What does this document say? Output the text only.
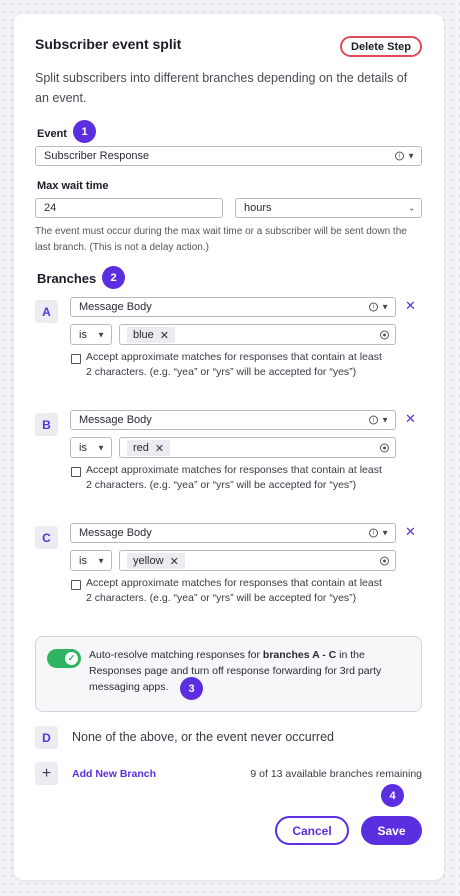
Subscriber event split	Delete Step
Split subscribers into different branches depending on the details of an event.
Event	1
Subscriber Response	i ▼
Max wait time
24	hours	⌄
The event must occur during the max wait time or a subscriber will be sent down the last branch. (This is not a delay action.)
Branches	2
A	Message Body	i ▼ ✕
is ▼	blue ✕
Accept approximate matches for responses that contain at least 2 characters. (e.g. “yea” or “yrs” will be accepted for “yes”)
B	Message Body	i ▼ ✕
is ▼	red ✕
Accept approximate matches for responses that contain at least 2 characters. (e.g. “yea” or “yrs” will be accepted for “yes”)
C	Message Body	i ▼ ✕
is ▼	yellow ✕
Accept approximate matches for responses that contain at least 2 characters. (e.g. “yea” or “yrs” will be accepted for “yes”)
✓ Auto-resolve matching responses for branches A - C in the Responses page and turn off response forwarding for 3rd party messaging apps.	3
D	None of the above, or the event never occurred
+	Add New Branch	9 of 13 available branches remaining
4
Cancel	Save
